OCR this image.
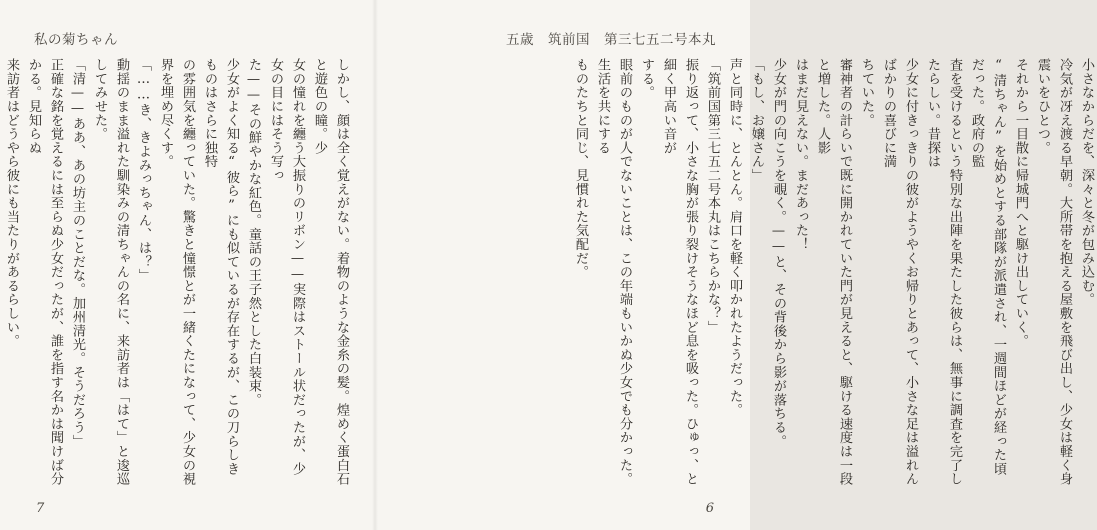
私の菊ちゃん

しかし、顔は全く覚えがない。着物のような金糸の髪。煌めく蛋白石と遊色の瞳。少

女の憧れを纏う大振りのリボン——実際はストール状だったが、少女の目にはそう写っ

た——その鮮やかな紅色。童話の王子然とした白装束。

少女がよく知る“彼ら”にも似ているが存在するが、この刀らしきものはさらに独特

の雰囲気を纏っていた。驚きと憧憬とが一緒くたになって、少女の視界を埋め尽くす。

「……き、きよみっちゃん、は？」

動揺のまま溢れた馴染みの清ちゃんの名に、来訪者は「はて」と逡巡してみせた。

「清——ああ、あの坊主のことだな。加州清光。そうだろう」

正確な銘を覚えるには至らぬ少女だったが、誰を指す名かは聞けば分かる。見知らぬ

来訪者はどうやら彼にも当たりがあるらしい。

7
五歳　筑前国　第三七五二号本丸

小さなからだを、深々と冬が包み込む。

冷気が冴え渡る早朝。大所帯を抱える屋敷を飛び出し、少女は軽く身震いをひとつ。

それから一目散に帰城門へと駆け出していく。

“清ちゃん”を始めとする部隊が派遣され、一週間ほどが経った頃だった。政府の監

査を受けるという特別な出陣を果たした彼らは、無事に調査を完了したらしい。昔探は

少女に付きっきりの彼がようやくお帰りとあって、小さな足は溢れんばかりの喜びに満

ちていた。

審神者の計らいで既に開かれていた門が見えると、駆ける速度は一段と増した。人影

はまだ見えない。まだあった！

少女が門の向こうを覗く。——と、その背後から影が落ちる。

「もし、お嬢さん」

声と同時に、とんとん。肩口を軽く叩かれたようだった。

「筑前国第三七五二号本丸はこちらかな？」

振り返って、小さな胸が張り裂けそうなほど息を吸った。ひゅっ、と細く甲高い音が

する。

眼前のものが人でないことは、この年端もいかぬ少女でも分かった。生活を共にする

ものたちと同じ、見慣れた気配だ。

6
